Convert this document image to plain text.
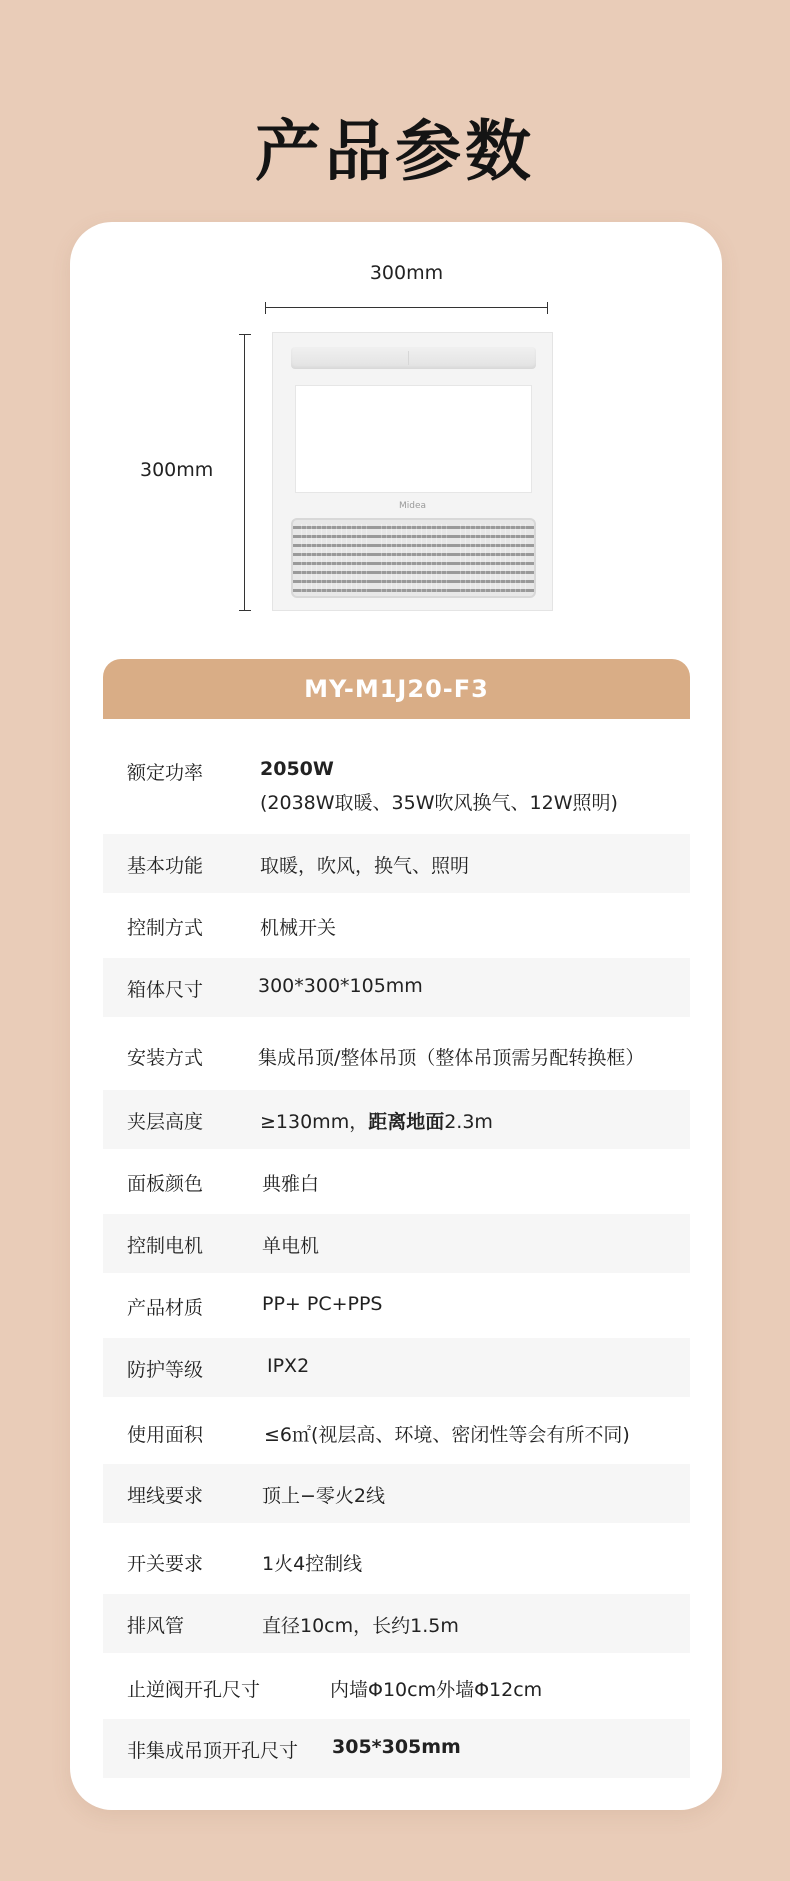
产品参数
300mm
300mm
Midea
MY-M1J20-F3
额定功率	2050W
(2038W取暖、35W吹风换气、12W照明)
基本功能	取暖，吹风，换气、照明
控制方式	机械开关
箱体尺寸	300*300*105mm
安装方式	集成吊顶/整体吊顶（整体吊顶需另配转换框）
夹层高度	≥130mm，距离地面2.3m
面板颜色	典雅白
控制电机	单电机
产品材质	PP+ PC+PPS
防护等级	IPX2
使用面积	≤6㎡(视层高、环境、密闭性等会有所不同)
埋线要求	顶上−零火2线
开关要求	1火4控制线
排风管	直径10cm，长约1.5m
止逆阀开孔尺寸	内墙Φ10cm外墙Φ12cm
非集成吊顶开孔尺寸 305*305mm
